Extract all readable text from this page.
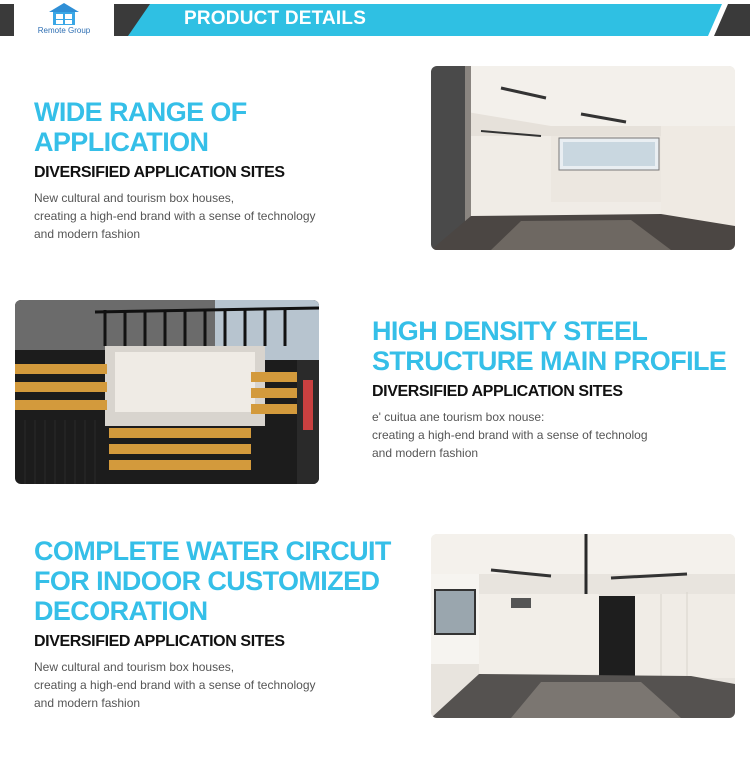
Remote Group
PRODUCT DETAILS
WIDE RANGE OF APPLICATION
DIVERSIFIED APPLICATION SITES
New cultural and tourism box houses,
creating a high-end brand with a sense of technology
and modern fashion
HIGH DENSITY STEEL
STRUCTURE MAIN PROFILE
DIVERSIFIED APPLICATION SITES
e' cuitua ane tourism box nouse:
creating a high-end brand with a sense of technolog
and modern fashion
COMPLETE WATER CIRCUIT
FOR INDOOR CUSTOMIZED
DECORATION
DIVERSIFIED APPLICATION SITES
New cultural and tourism box houses,
creating a high-end brand with a sense of technology
and modern fashion
